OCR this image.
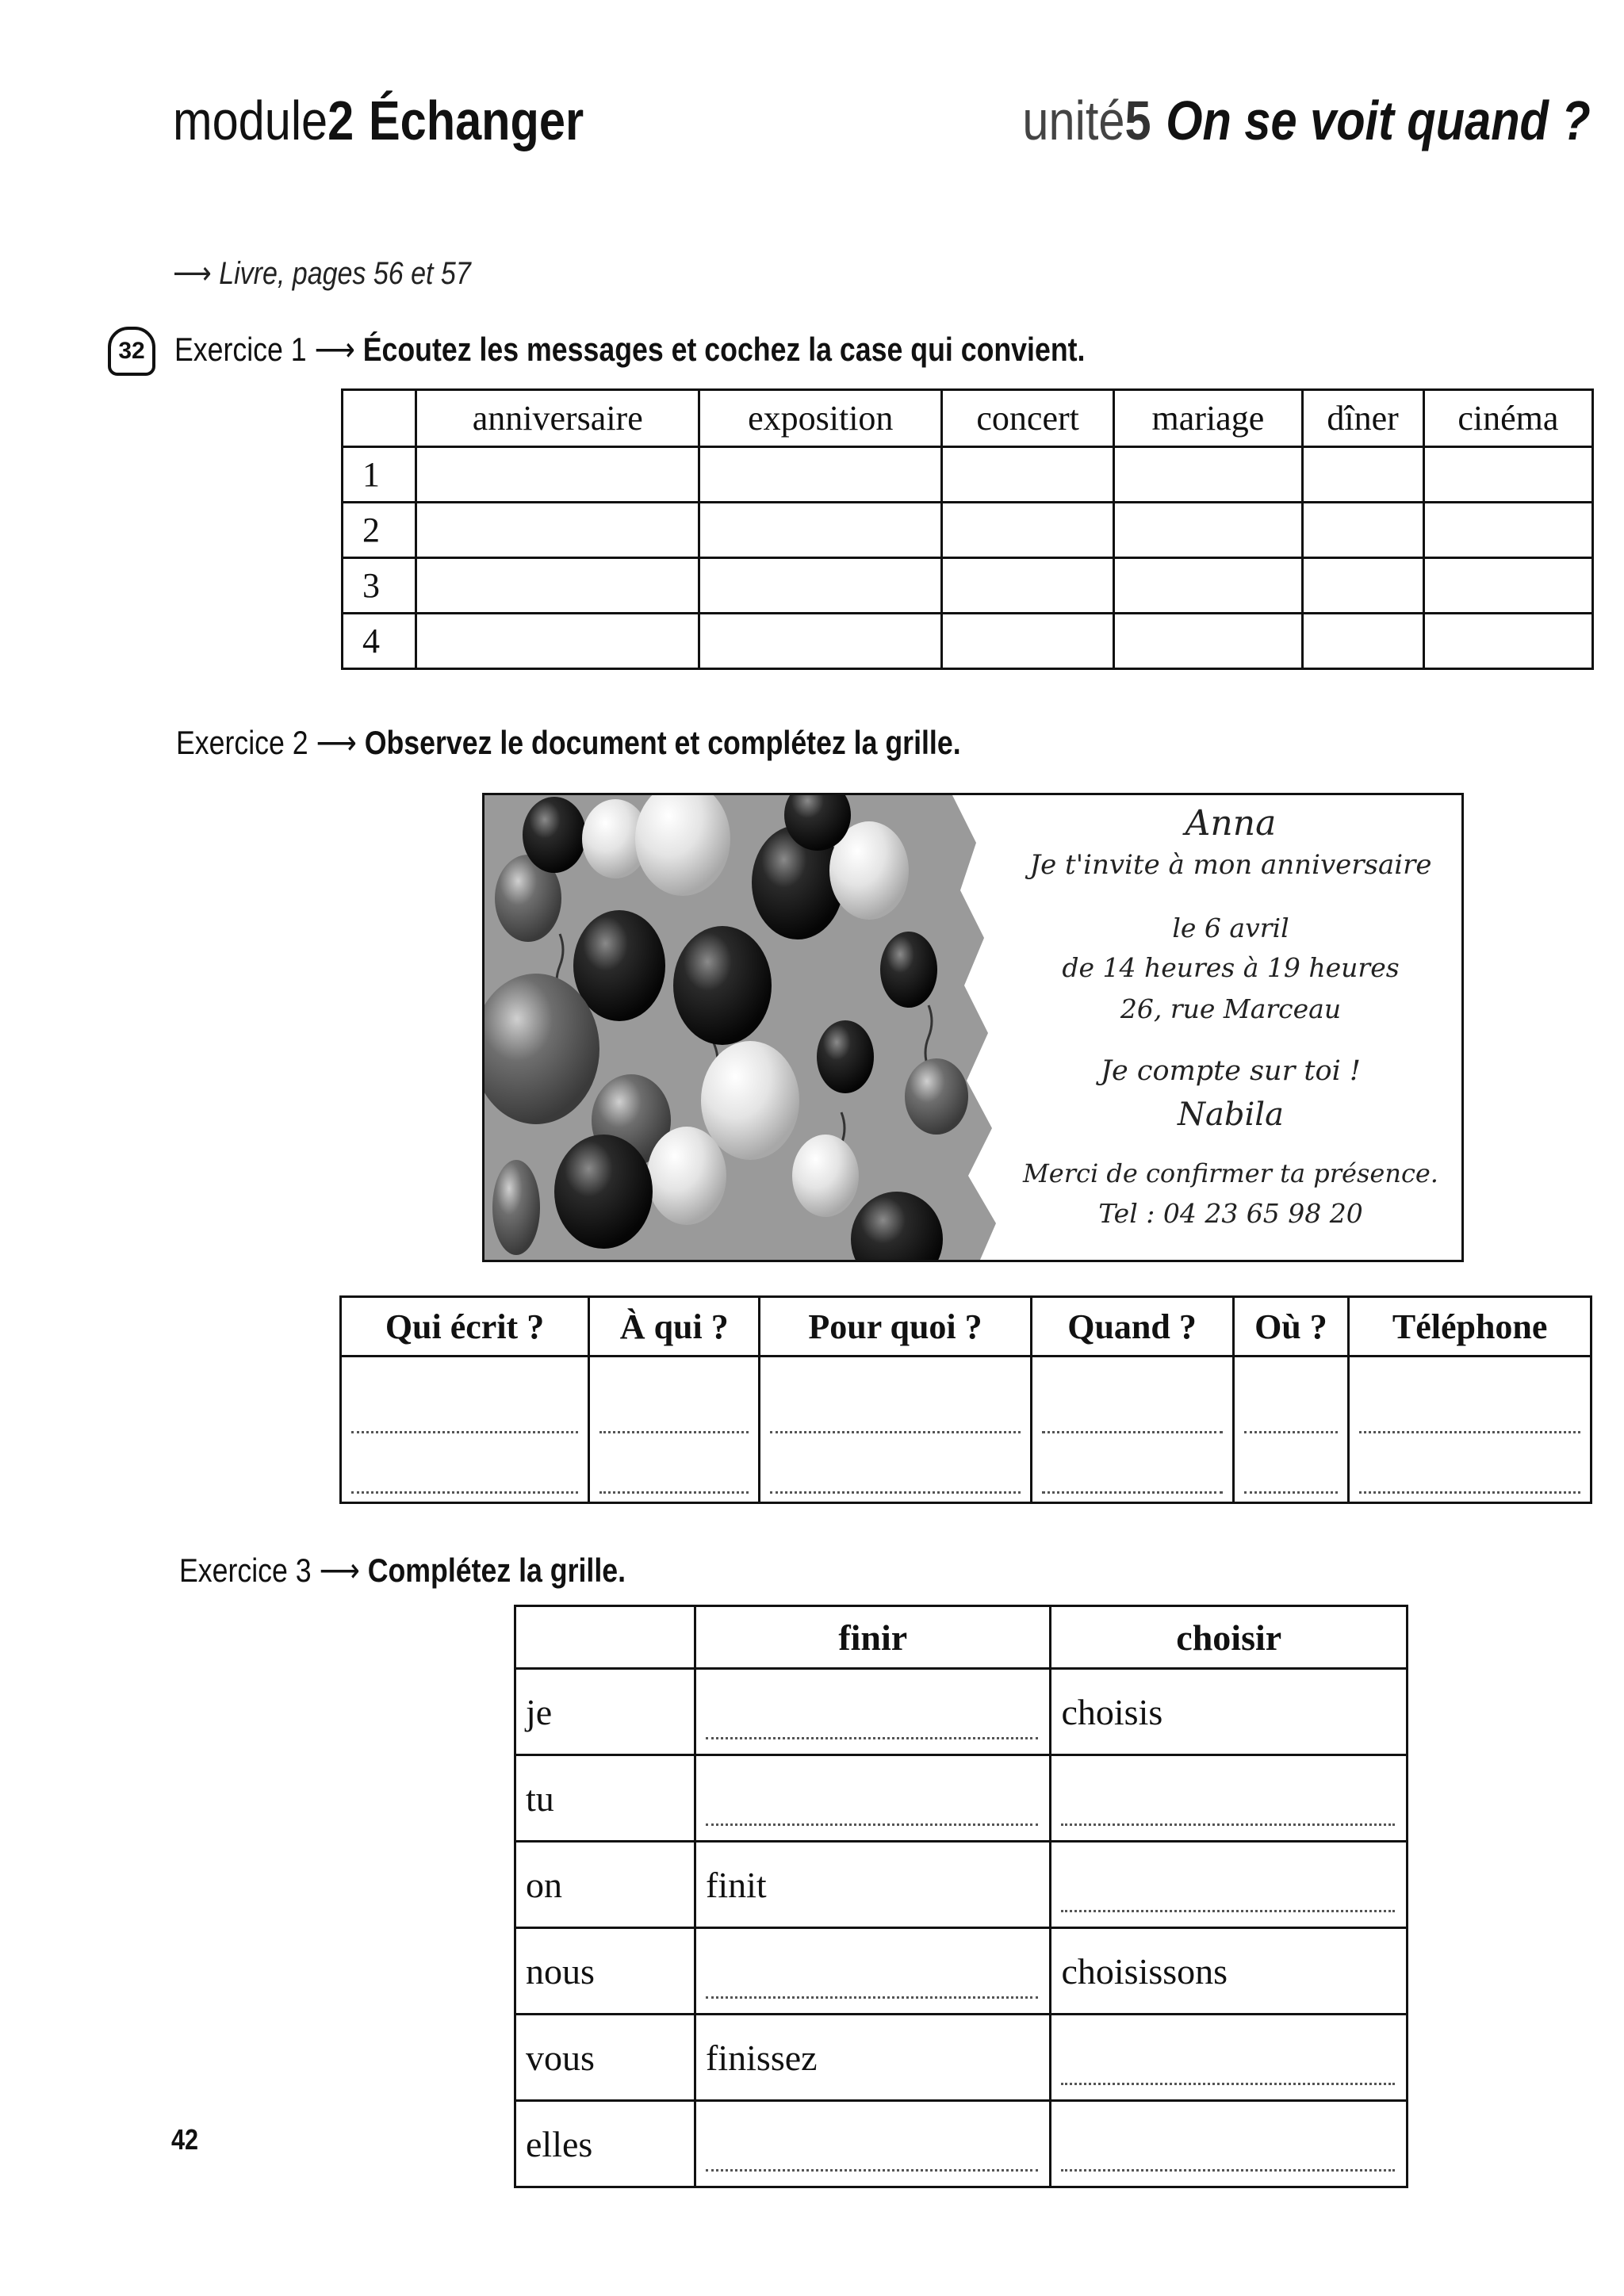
module2 Échanger	unité5 On se voit quand ?
⟶ Livre, pages 56 et 57
32 Exercice 1 ⟶ Écoutez les messages et cochez la case qui convient.
	anniversaire	exposition	concert	mariage	dîner	cinéma
1						
2						
3						
4						
Exercice 2 ⟶ Observez le document et complétez la grille.
Anna
Je t'invite à mon anniversaire
le 6 avril
de 14 heures à 19 heures
26, rue Marceau
Je compte sur toi !
Nabila
Merci de confirmer ta présence.
Tel : 04 23 65 98 20
Qui écrit ?	À qui ?	Pour quoi ?	Quand ?	Où ?	Téléphone

Exercice 3 ⟶ Complétez la grille.
	finir	choisir
je		choisis
tu	

on	finit	

nous		choisissons
vous	finissez	

elles	

42
